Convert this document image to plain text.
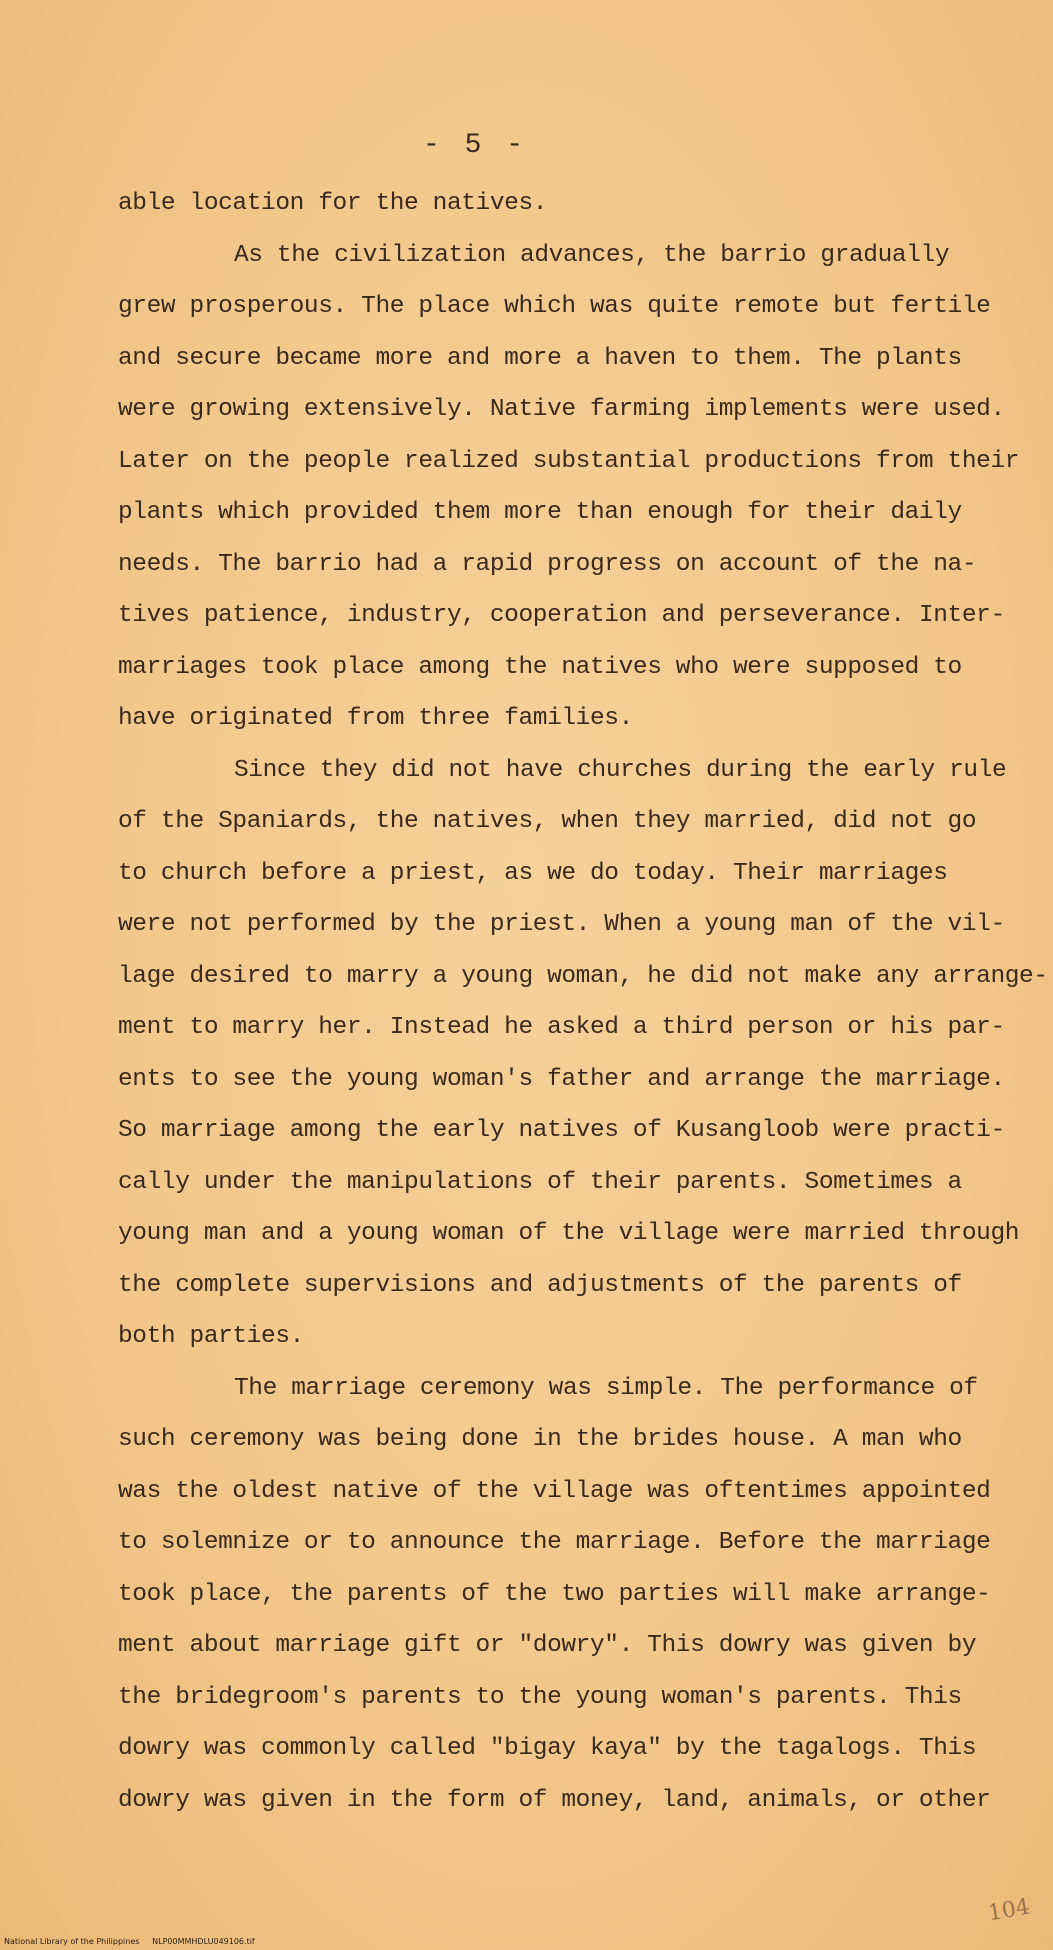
- 5 -
able location for the natives.
As the civilization advances, the barrio gradually
grew prosperous. The place which was quite remote but fertile
and secure became more and more a haven to them. The plants
were growing extensively. Native farming implements were used.
Later on the people realized substantial productions from their
plants which provided them more than enough for their daily
needs. The barrio had a rapid progress on account of the na-
tives patience, industry, cooperation and perseverance. Inter-
marriages took place among the natives who were supposed to
have originated from three families.
Since they did not have churches during the early rule
of the Spaniards, the natives, when they married, did not go
to church before a priest, as we do today. Their marriages
were not performed by the priest. When a young man of the vil-
lage desired to marry a young woman, he did not make any arrange-
ment to marry her. Instead he asked a third person or his par-
ents to see the young woman's father and arrange the marriage.
So marriage among the early natives of Kusangloob were practi-
cally under the manipulations of their parents. Sometimes a
young man and a young woman of the village were married through
the complete supervisions and adjustments of the parents of
both parties.
The marriage ceremony was simple. The performance of
such ceremony was being done in the brides house. A man who
was the oldest native of the village was oftentimes appointed
to solemnize or to announce the marriage. Before the marriage
took place, the parents of the two parties will make arrange-
ment about marriage gift or "dowry". This dowry was given by
the bridegroom's parents to the young woman's parents. This
dowry was commonly called "bigay kaya" by the tagalogs. This
dowry was given in the form of money, land, animals, or other
National Library of the Philippines NLP00MMHDLU049106.tif
104
